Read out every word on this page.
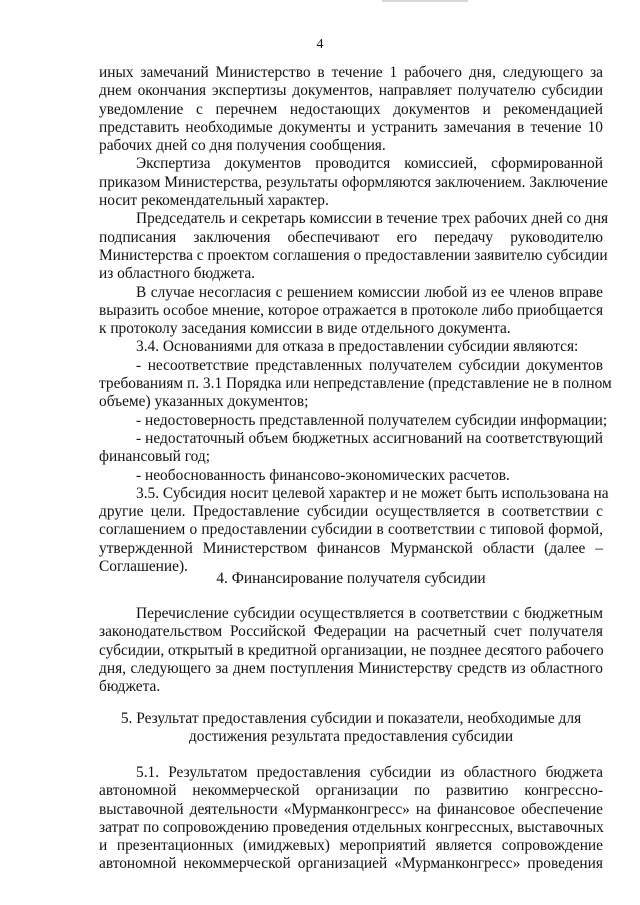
4
иных замечаний Министерство в течение 1 рабочего дня, следующего за
днем окончания экспертизы документов, направляет получателю субсидии
уведомление с перечнем недостающих документов и рекомендацией
представить необходимые документы и устранить замечания в течение 10
рабочих дней со дня получения сообщения.
Экспертиза документов проводится комиссией, сформированной
приказом Министерства, результаты оформляются заключением. Заключение
носит рекомендательный характер.
Председатель и секретарь комиссии в течение трех рабочих дней со дня
подписания заключения обеспечивают его передачу руководителю
Министерства с проектом соглашения о предоставлении заявителю субсидии
из областного бюджета.
В случае несогласия с решением комиссии любой из ее членов вправе
выразить особое мнение, которое отражается в протоколе либо приобщается
к протоколу заседания комиссии в виде отдельного документа.
3.4. Основаниями для отказа в предоставлении субсидии являются:
- несоответствие представленных получателем субсидии документов
требованиям п. 3.1 Порядка или непредставление (представление не в полном
объеме) указанных документов;
- недостоверность представленной получателем субсидии информации;
- недостаточный объем бюджетных ассигнований на соответствующий
финансовый год;
- необоснованность финансово-экономических расчетов.
3.5. Субсидия носит целевой характер и не может быть использована на
другие цели. Предоставление субсидии осуществляется в соответствии с
соглашением о предоставлении субсидии в соответствии с типовой формой,
утвержденной Министерством финансов Мурманской области (далее –
Соглашение).
4. Финансирование получателя субсидии
Перечисление субсидии осуществляется в соответствии с бюджетным
законодательством Российской Федерации на расчетный счет получателя
субсидии, открытый в кредитной организации, не позднее десятого рабочего
дня, следующего за днем поступления Министерству средств из областного
бюджета.
5. Результат предоставления субсидии и показатели, необходимые для
достижения результата предоставления субсидии
5.1. Результатом предоставления субсидии из областного бюджета
автономной некоммерческой организации по развитию конгрессно-
выставочной деятельности «Мурманконгресс» на финансовое обеспечение
затрат по сопровождению проведения отдельных конгрессных, выставочных
и презентационных (имиджевых) мероприятий является сопровождение
автономной некоммерческой организацией «Мурманконгресс» проведения
